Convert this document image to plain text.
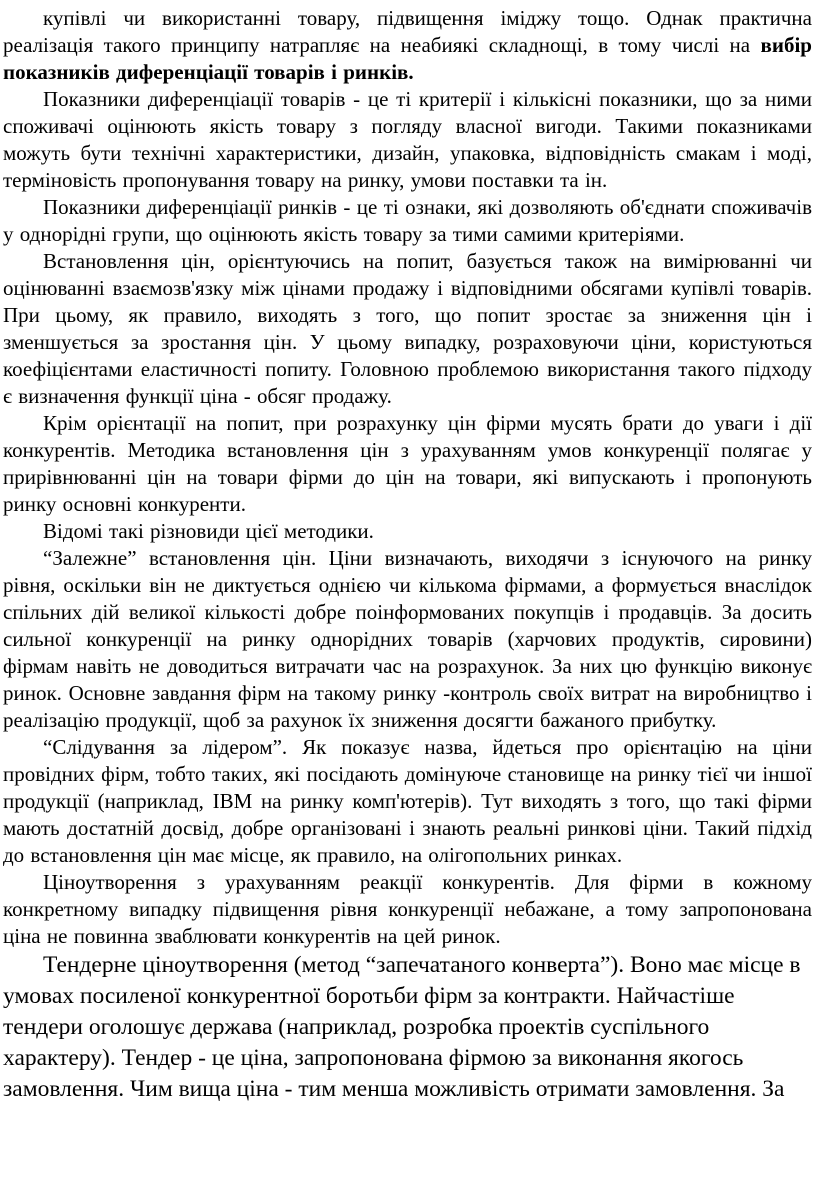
купівлі чи використанні товару, підвищення іміджу тощо. Однак практична реалізація такого принципу натрапляє на неабиякі складнощі, в тому числі на вибір показників диференціації товарів і ринків.

Показники диференціації товарів - це ті критерії і кількісні показники, що за ними споживачі оцінюють якість товару з погляду власної вигоди. Такими показниками можуть бути технічні характеристики, дизайн, упаковка, відповідність смакам і моді, терміновість пропонування товару на ринку, умови поставки та ін.

Показники диференціації ринків - це ті ознаки, які дозволяють об'єднати споживачів у однорідні групи, що оцінюють якість товару за тими самими критеріями.

Встановлення цін, орієнтуючись на попит, базується також на вимірюванні чи оцінюванні взаємозв'язку між цінами продажу і відповідними обсягами купівлі товарів. При цьому, як правило, виходять з того, що попит зростає за зниження цін і зменшується за зростання цін. У цьому випадку, розраховуючи ціни, користуються коефіцієнтами еластичності попиту. Головною проблемою використання такого підходу є визначення функції ціна - обсяг продажу.

Крім орієнтації на попит, при розрахунку цін фірми мусять брати до уваги і дії конкурентів. Методика встановлення цін з урахуванням умов конкуренції полягає у прирівнюванні цін на товари фірми до цін на товари, які випускають і пропонують ринку основні конкуренти.

Відомі такі різновиди цієї методики.

“Залежне” встановлення цін. Ціни визначають, виходячи з існуючого на ринку рівня, оскільки він не диктується однією чи кількома фірмами, а формується внаслідок спільних дій великої кількості добре поінформованих покупців і продавців. За досить сильної конкуренції на ринку однорідних товарів (харчових продуктів, сировини) фірмам навіть не доводиться витрачати час на розрахунок. За них цю функцію виконує ринок. Основне завдання фірм на такому ринку -контроль своїх витрат на виробництво і реалізацію продукції, щоб за рахунок їх зниження досягти бажаного прибутку.

“Слідування за лідером”. Як показує назва, йдеться про орієнтацію на ціни провідних фірм, тобто таких, які посідають домінуюче становище на ринку тієї чи іншої продукції (наприклад, IBM на ринку комп'ютерів). Тут виходять з того, що такі фірми мають достатній досвід, добре організовані і знають реальні ринкові ціни. Такий підхід до встановлення цін має місце, як правило, на олігопольних ринках.

Ціноутворення з урахуванням реакції конкурентів. Для фірми в кожному конкретному випадку підвищення рівня конкуренції небажане, а тому запропонована ціна не повинна зваблювати конкурентів на цей ринок.

Тендерне ціноутворення (метод “запечатаного конверта”). Воно має місце в умовах посиленої конкурентної боротьби фірм за контракти. Найчастіше тендери оголошує держава (наприклад, розробка проектів суспільного характеру). Тендер - це ціна, запропонована фірмою за виконання якогось замовлення. Чим вища ціна - тим менша можливість отримати замовлення. За
